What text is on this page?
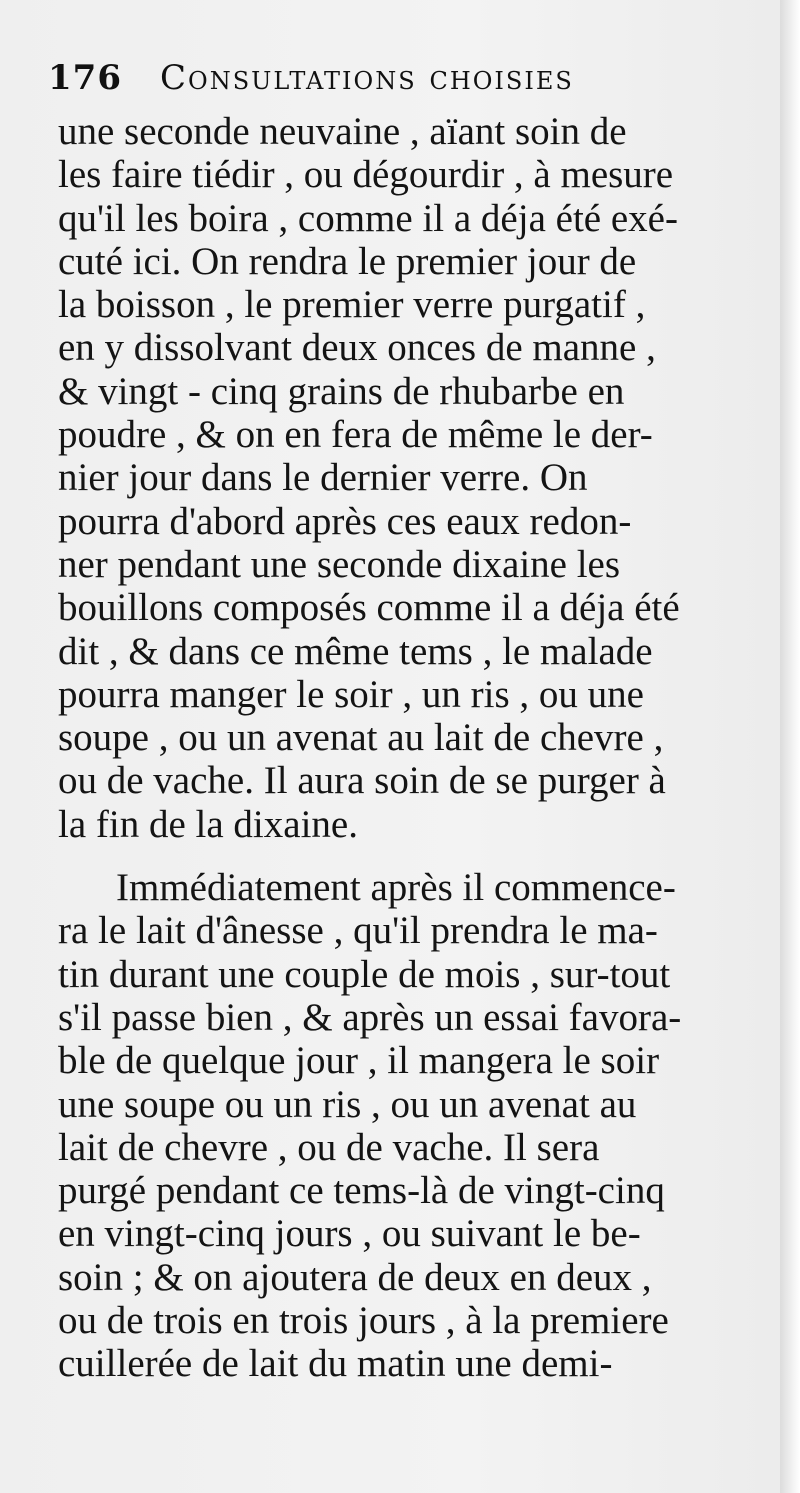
176 Consultations choisies
une seconde neuvaine , aïant soin de
les faire tiédir , ou dégourdir , à mesure
qu'il les boira , comme il a déja été exé-
cuté ici. On rendra le premier jour de
la boisson , le premier verre purgatif ,
en y dissolvant deux onces de manne ,
& vingt - cinq grains de rhubarbe en
poudre , & on en fera de même le der-
nier jour dans le dernier verre. On
pourra d'abord après ces eaux redon-
ner pendant une seconde dixaine les
bouillons composés comme il a déja été
dit , & dans ce même tems , le malade
pourra manger le soir , un ris , ou une
soupe , ou un avenat au lait de chevre ,
ou de vache. Il aura soin de se purger à
la fin de la dixaine.
Immédiatement après il commence-
ra le lait d'ânesse , qu'il prendra le ma-
tin durant une couple de mois , sur-tout
s'il passe bien , & après un essai favora-
ble de quelque jour , il mangera le soir
une soupe ou un ris , ou un avenat au
lait de chevre , ou de vache. Il sera
purgé pendant ce tems-là de vingt-cinq
en vingt-cinq jours , ou suivant le be-
soin ; & on ajoutera de deux en deux ,
ou de trois en trois jours , à la premiere
cuillerée de lait du matin une demi-
